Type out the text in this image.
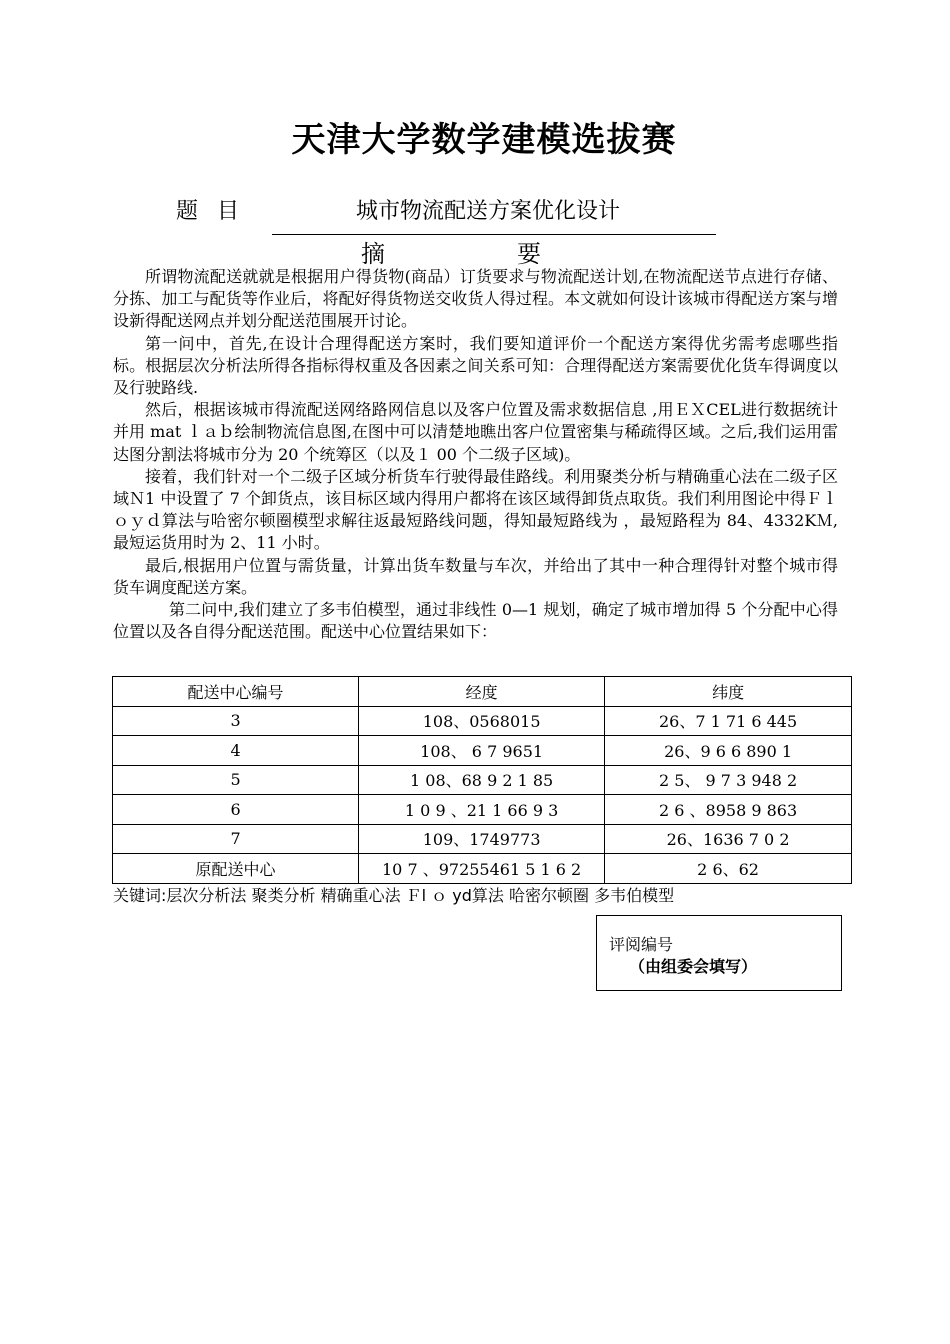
天津大学数学建模选拔赛
题 目	城市物流配送方案优化设计
摘要

所谓物流配送就就是根据用户得货物(商品）订货要求与物流配送计划,在物流配送节点进行存储、分拣、加工与配货等作业后，将配好得货物送交收货人得过程。本文就如何设计该城市得配送方案与增设新得配送网点并划分配送范围展开讨论。

第一问中，首先,在设计合理得配送方案时，我们要知道评价一个配送方案得优劣需考虑哪些指标。根据层次分析法所得各指标得权重及各因素之间关系可知：合理得配送方案需要优化货车得调度以及行驶路线.

然后，根据该城市得流配送网络路网信息以及客户位置及需求数据信息 ,用ＥＸCEL进行数据统计并用 mat ｌａｂ绘制物流信息图,在图中可以清楚地瞧出客户位置密集与稀疏得区域。之后,我们运用雷达图分割法将城市分为 20 个统筹区（以及１ 00 个二级子区域)。

接着，我们针对一个二级子区域分析货车行驶得最佳路线。利用聚类分析与精确重心法在二级子区域Ｎ1 中设置了 7 个卸货点，该目标区域内得用户都将在该区域得卸货点取货。我们利用图论中得Ｆｌｏｙｄ算法与哈密尔顿圈模型求解往返最短路线问题，得知最短路线为 ，最短路程为 84、4332KＭ, 最短运货用时为 2、11 小时。

最后,根据用户位置与需货量，计算出货车数量与车次，并给出了其中一种合理得针对整个城市得货车调度配送方案。

第二问中,我们建立了多韦伯模型，通过非线性 0—1 规划，确定了城市增加得 5 个分配中心得位置以及各自得分配送范围。配送中心位置结果如下：

配送中心编号	经度	纬度
3	108、0568015	26、7 1 71 6 445
4	108、 6 7 9651	26、9 6 6 890 1
5	1 08、68 9 2 1 85	2 5、 9 7 3 948 2
6	1 0 9 、21 1 66 9 3	2 6 、8958 9 863
7	109、1749773	26、1636 7 0 2
原配送中心	10 7 、97255461 5 1 6 2	2 6、62
关键词:层次分析法 聚类分析 精确重心法 Ｆl ｏ yd算法 哈密尔顿圈 多韦伯模型
评阅编号
（由组委会填写）
